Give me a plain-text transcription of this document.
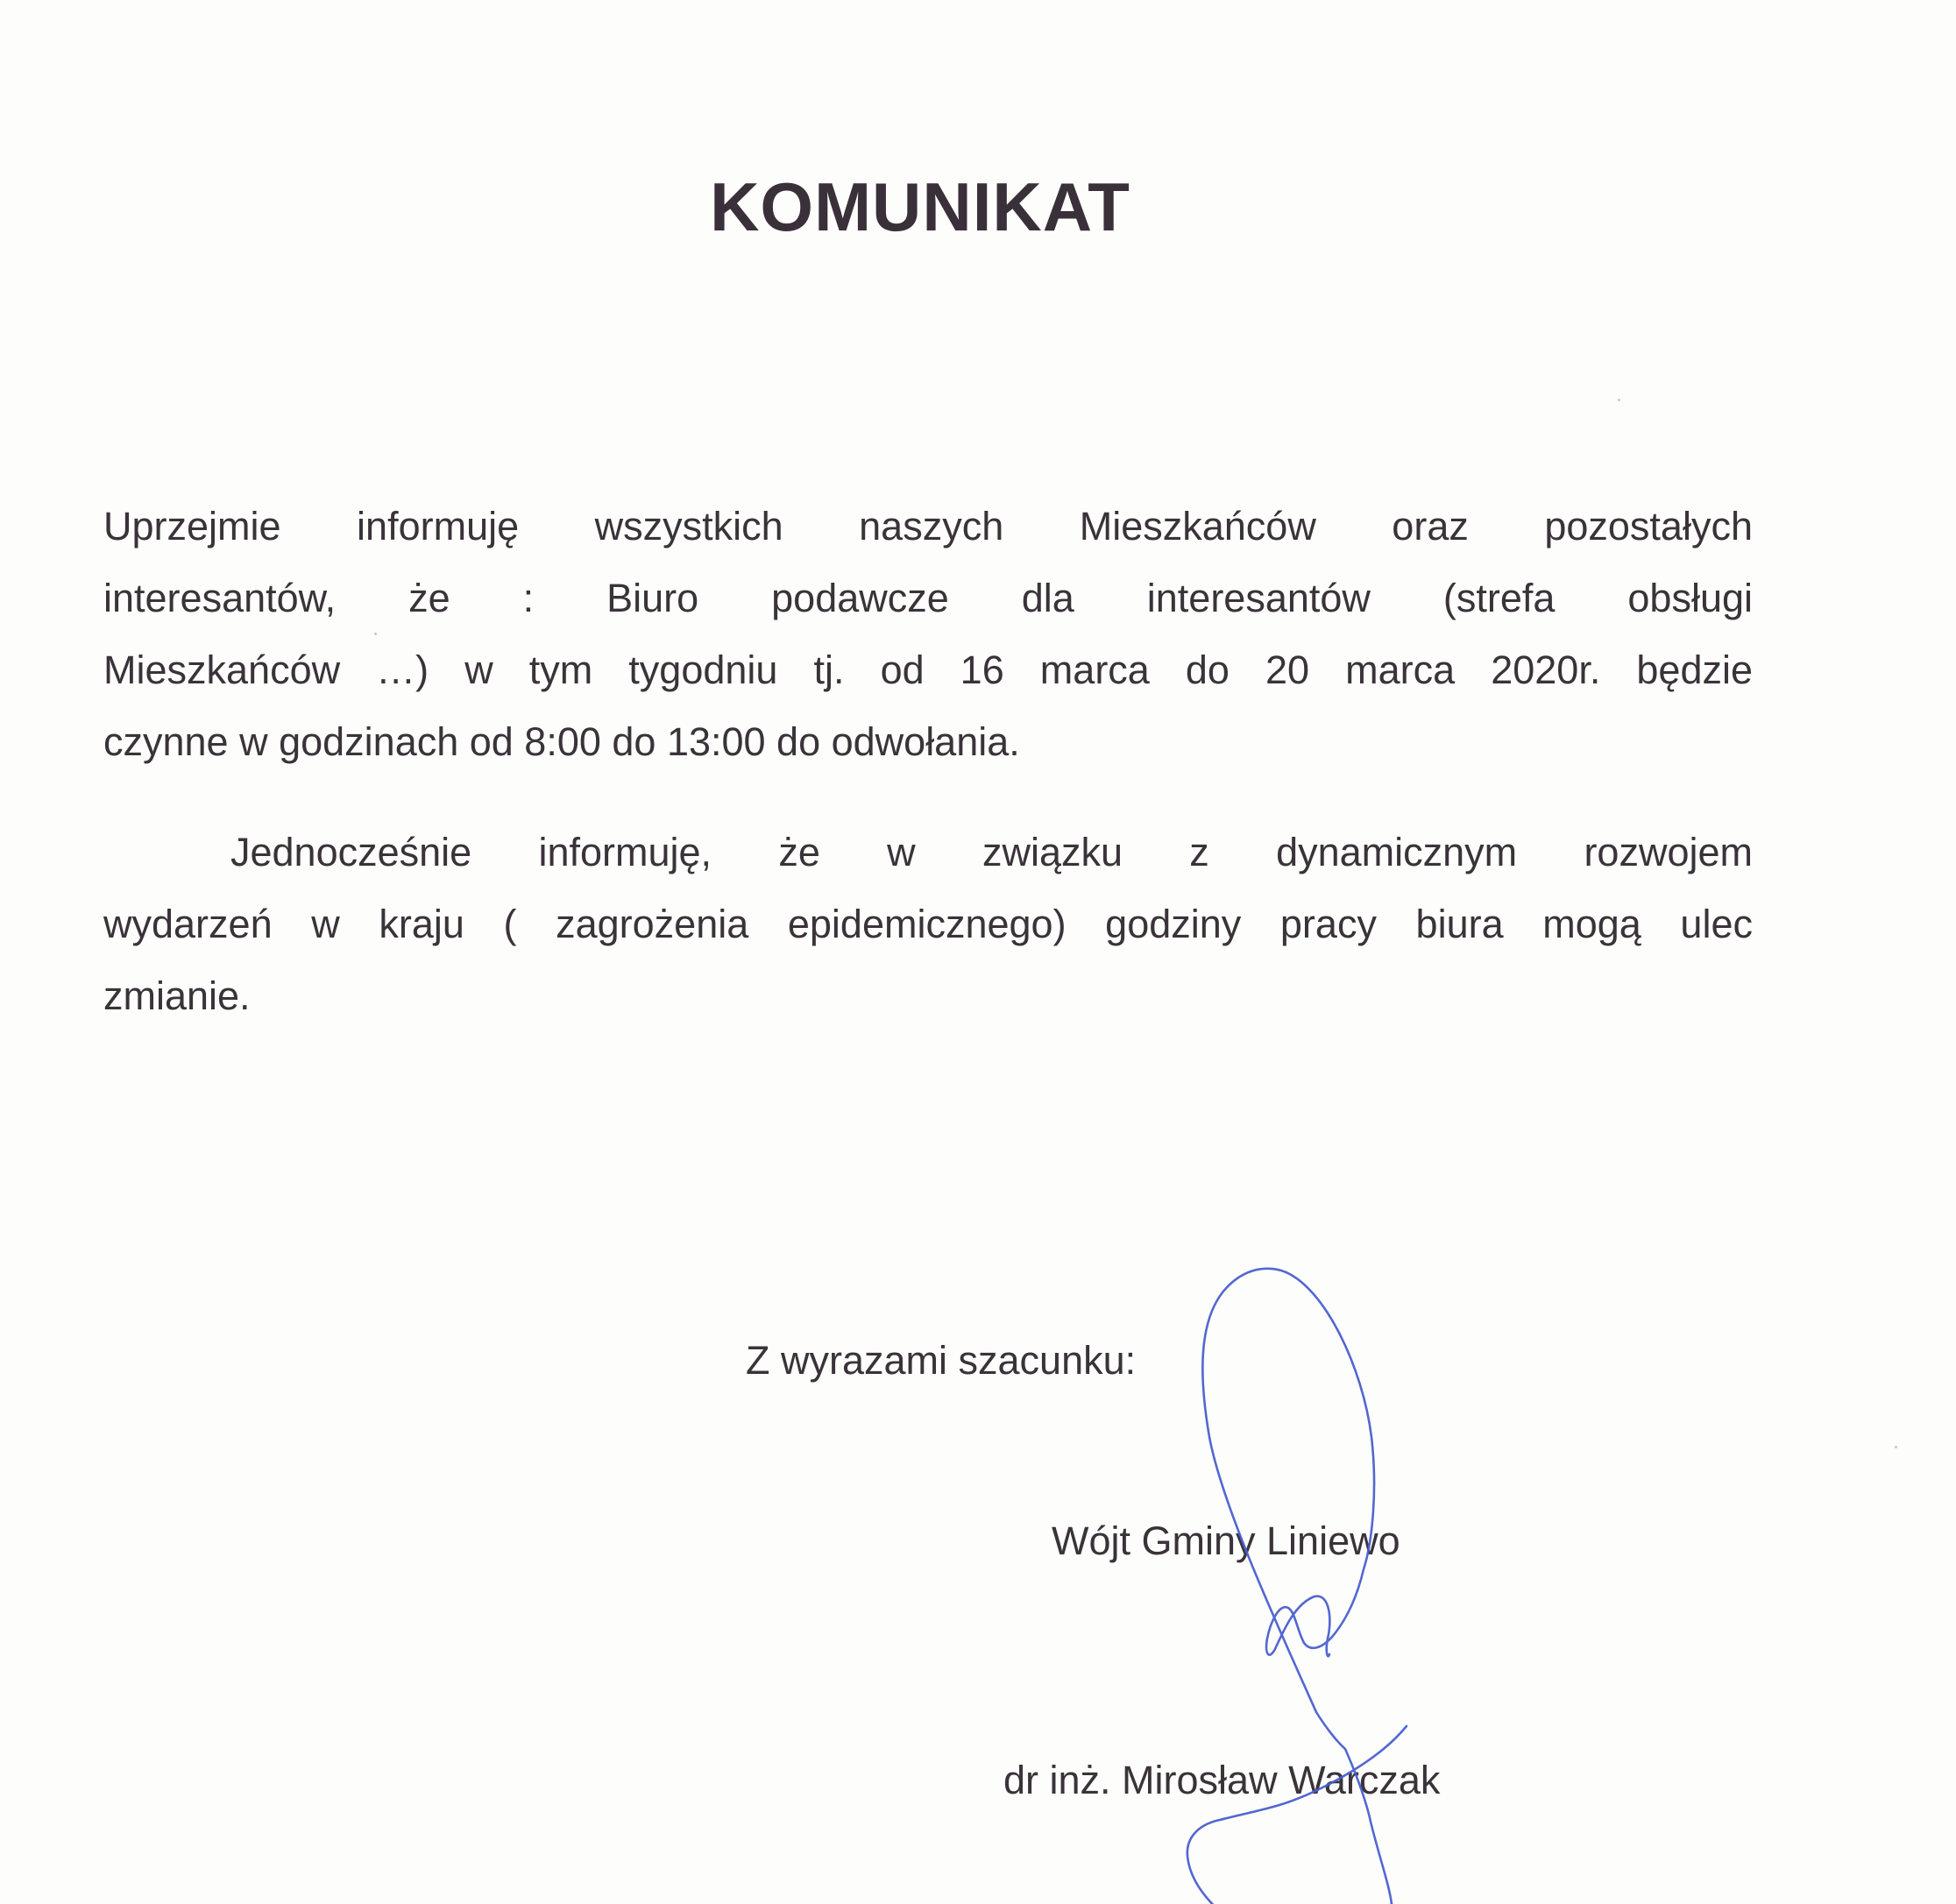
KOMUNIKAT
Uprzejmie informuję wszystkich naszych Mieszkańców oraz pozostałych
interesantów, że : Biuro podawcze dla interesantów (strefa obsługi
Mieszkańców …) w tym tygodniu tj. od 16 marca do 20 marca 2020r. będzie
czynne w godzinach od 8:00 do 13:00 do odwołania.
Jednocześnie informuję, że w związku z dynamicznym rozwojem
wydarzeń w kraju ( zagrożenia epidemicznego) godziny pracy biura mogą ulec
zmianie.
Z wyrazami szacunku:
Wójt Gminy Liniewo
dr inż. Mirosław Warczak
